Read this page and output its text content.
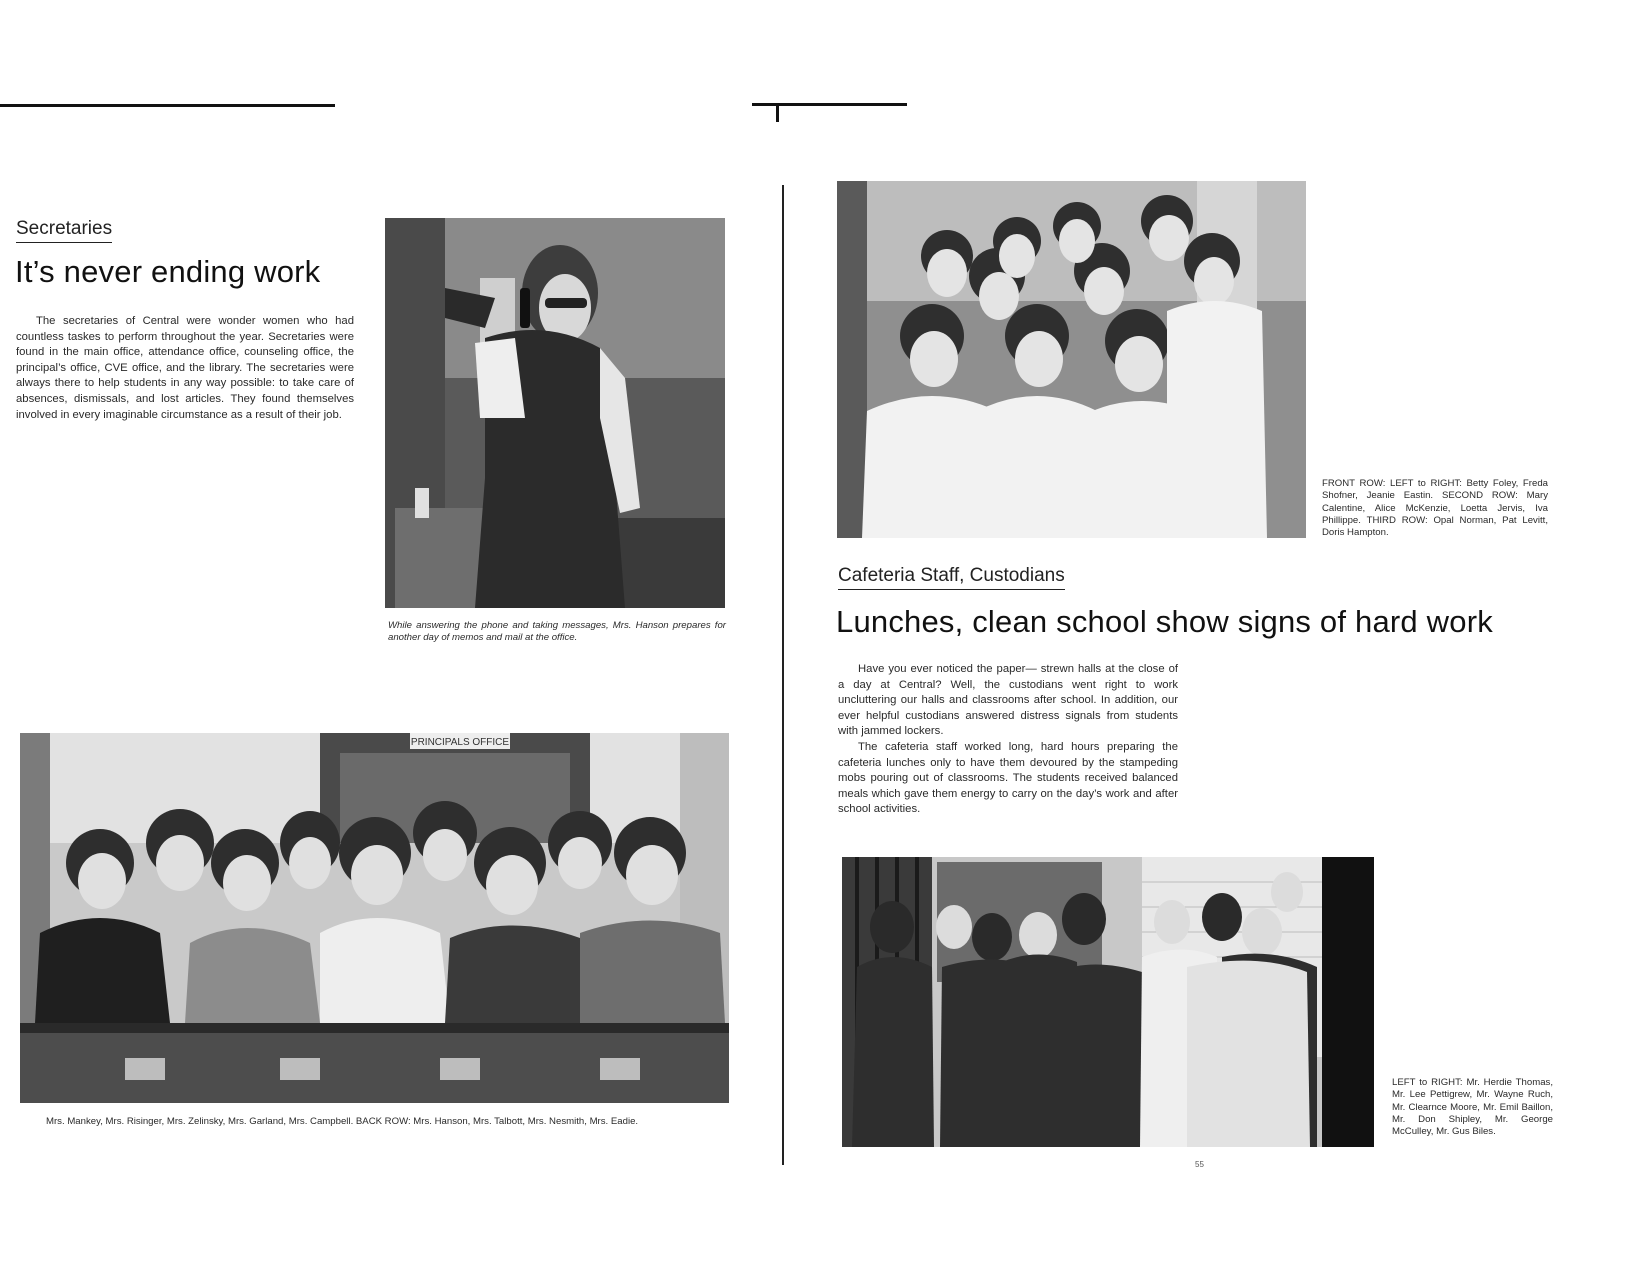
Secretaries
It’s never ending work

The secretaries of Central were wonder women who had countless taskes to perform throughout the year. Secretaries were found in the main office, attendance office, counseling office, the principal’s office, CVE office, and the library. The secretaries were always there to help students in any way possible: to take care of absences, dismissals, and lost articles. They found themselves involved in every imaginable circumstance as a result of their job.

While answering the phone and taking messages, Mrs. Hanson prepares for another day of memos and mail at the office.
PRINCIPALS OFFICE
Mrs. Mankey, Mrs. Risinger, Mrs. Zelinsky, Mrs. Garland, Mrs. Campbell. BACK ROW: Mrs. Hanson, Mrs. Talbott, Mrs. Nesmith, Mrs. Eadie.
FRONT ROW: LEFT to RIGHT: Betty Foley, Freda Shofner, Jeanie Eastin. SECOND ROW: Mary Calentine, Alice McKenzie, Loetta Jervis, Iva Phillippe. THIRD ROW: Opal Norman, Pat Levitt, Doris Hampton.
Cafeteria Staff, Custodians
Lunches, clean school show signs of hard work

Have you ever noticed the paper— strewn halls at the close of a day at Central? Well, the custodians went right to work uncluttering our halls and classrooms after school. In addition, our ever helpful custodians answered distress signals from students with jammed lockers.

The cafeteria staff worked long, hard hours preparing the cafeteria lunches only to have them devoured by the stampeding mobs pouring out of classrooms. The students received balanced meals which gave them energy to carry on the day’s work and after school activities.

LEFT to RIGHT: Mr. Herdie Thomas, Mr. Lee Pettigrew, Mr. Wayne Ruch, Mr. Clearnce Moore, Mr. Emil Baillon, Mr. Don Shipley, Mr. George McCulley, Mr. Gus Biles.
55
